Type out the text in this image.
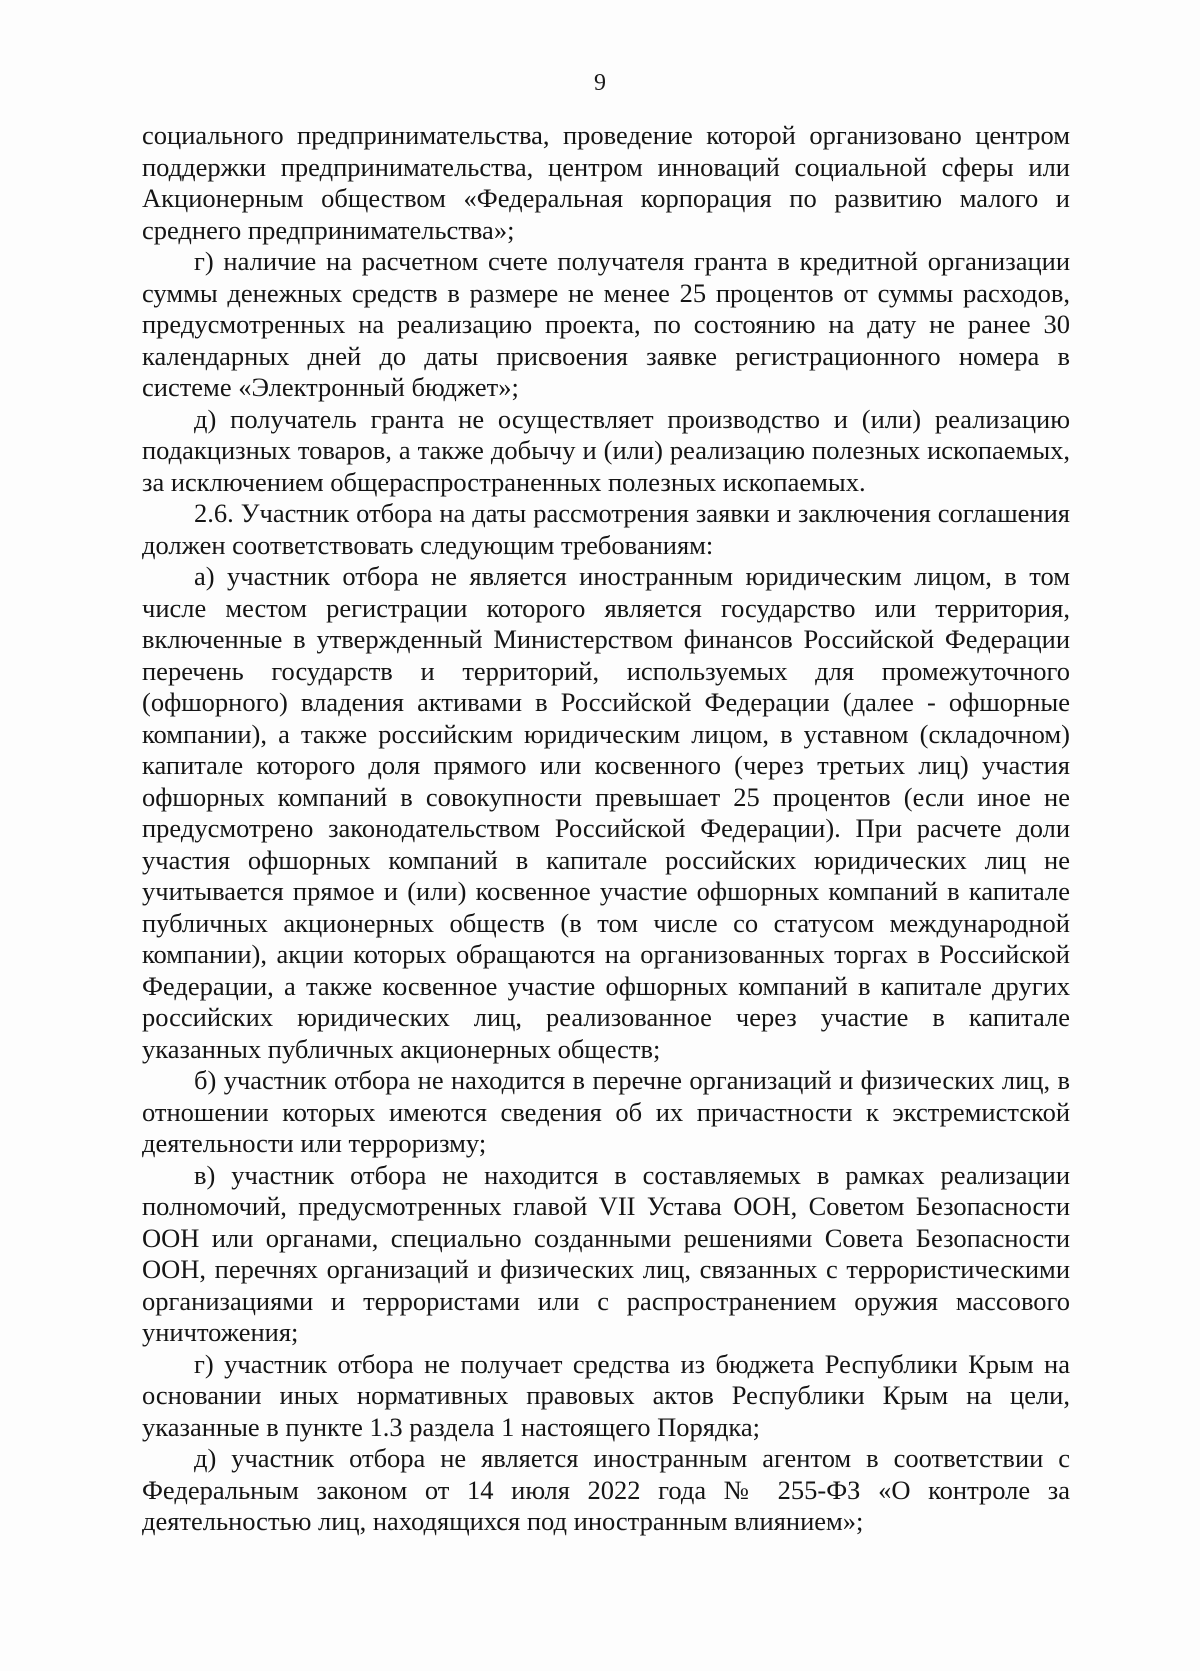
9

социального предпринимательства, проведение которой организовано центром поддержки предпринимательства, центром инноваций социальной сферы или Акционерным обществом «Федеральная корпорация по развитию малого и среднего предпринимательства»;

г) наличие на расчетном счете получателя гранта в кредитной организации суммы денежных средств в размере не менее 25 процентов от суммы расходов, предусмотренных на реализацию проекта, по состоянию на дату не ранее 30 календарных дней до даты присвоения заявке регистрационного номера в системе «Электронный бюджет»;

д) получатель гранта не осуществляет производство и (или) реализацию подакцизных товаров, а также добычу и (или) реализацию полезных ископаемых, за исключением общераспространенных полезных ископаемых.

2.6. Участник отбора на даты рассмотрения заявки и заключения соглашения должен соответствовать следующим требованиям:

а) участник отбора не является иностранным юридическим лицом, в том числе местом регистрации которого является государство или территория, включенные в утвержденный Министерством финансов Российской Федерации перечень государств и территорий, используемых для промежуточного (офшорного) владения активами в Российской Федерации (далее - офшорные компании), а также российским юридическим лицом, в уставном (складочном) капитале которого доля прямого или косвенного (через третьих лиц) участия офшорных компаний в совокупности превышает 25 процентов (если иное не предусмотрено законодательством Российской Федерации). При расчете доли участия офшорных компаний в капитале российских юридических лиц не учитывается прямое и (или) косвенное участие офшорных компаний в капитале публичных акционерных обществ (в том числе со статусом международной компании), акции которых обращаются на организованных торгах в Российской Федерации, а также косвенное участие офшорных компаний в капитале других российских юридических лиц, реализованное через участие в капитале указанных публичных акционерных обществ;

б) участник отбора не находится в перечне организаций и физических лиц, в отношении которых имеются сведения об их причастности к экстремистской деятельности или терроризму;

в) участник отбора не находится в составляемых в рамках реализации полномочий, предусмотренных главой VII Устава ООН, Советом Безопасности ООН или органами, специально созданными решениями Совета Безопасности ООН, перечнях организаций и физических лиц, связанных с террористическими организациями и террористами или с распространением оружия массового уничтожения;

г) участник отбора не получает средства из бюджета Республики Крым на основании иных нормативных правовых актов Республики Крым на цели, указанные в пункте 1.3 раздела 1 настоящего Порядка;

д) участник отбора не является иностранным агентом в соответствии с Федеральным законом от 14 июля 2022 года № 255-ФЗ «О контроле за деятельностью лиц, находящихся под иностранным влиянием»;
